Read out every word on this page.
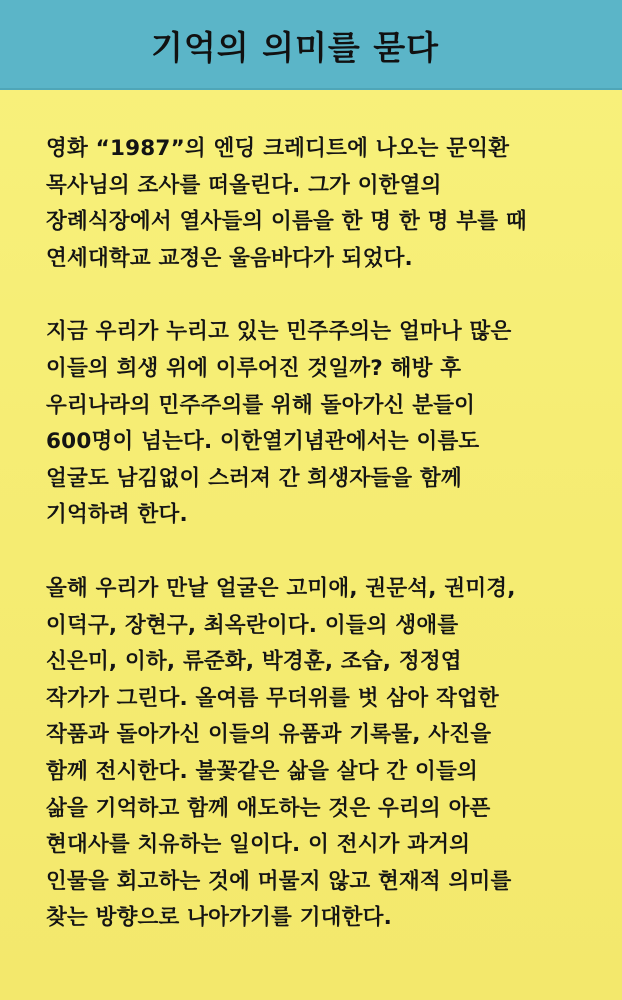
기억의 의미를 묻다
영화 “1987”의 엔딩 크레디트에 나오는 문익환
목사님의 조사를 떠올린다. 그가 이한열의
장례식장에서 열사들의 이름을 한 명 한 명 부를 때
연세대학교 교정은 울음바다가 되었다.
지금 우리가 누리고 있는 민주주의는 얼마나 많은
이들의 희생 위에 이루어진 것일까? 해방 후
우리나라의 민주주의를 위해 돌아가신 분들이
600명이 넘는다. 이한열기념관에서는 이름도
얼굴도 남김없이 스러져 간 희생자들을 함께
기억하려 한다.
올해 우리가 만날 얼굴은 고미애, 권문석, 권미경,
이덕구, 장현구, 최옥란이다. 이들의 생애를
신은미, 이하, 류준화, 박경훈, 조습, 정정엽
작가가 그린다. 올여름 무더위를 벗 삼아 작업한
작품과 돌아가신 이들의 유품과 기록물, 사진을
함께 전시한다. 불꽃같은 삶을 살다 간 이들의
삶을 기억하고 함께 애도하는 것은 우리의 아픈
현대사를 치유하는 일이다. 이 전시가 과거의
인물을 회고하는 것에 머물지 않고 현재적 의미를
찾는 방향으로 나아가기를 기대한다.
